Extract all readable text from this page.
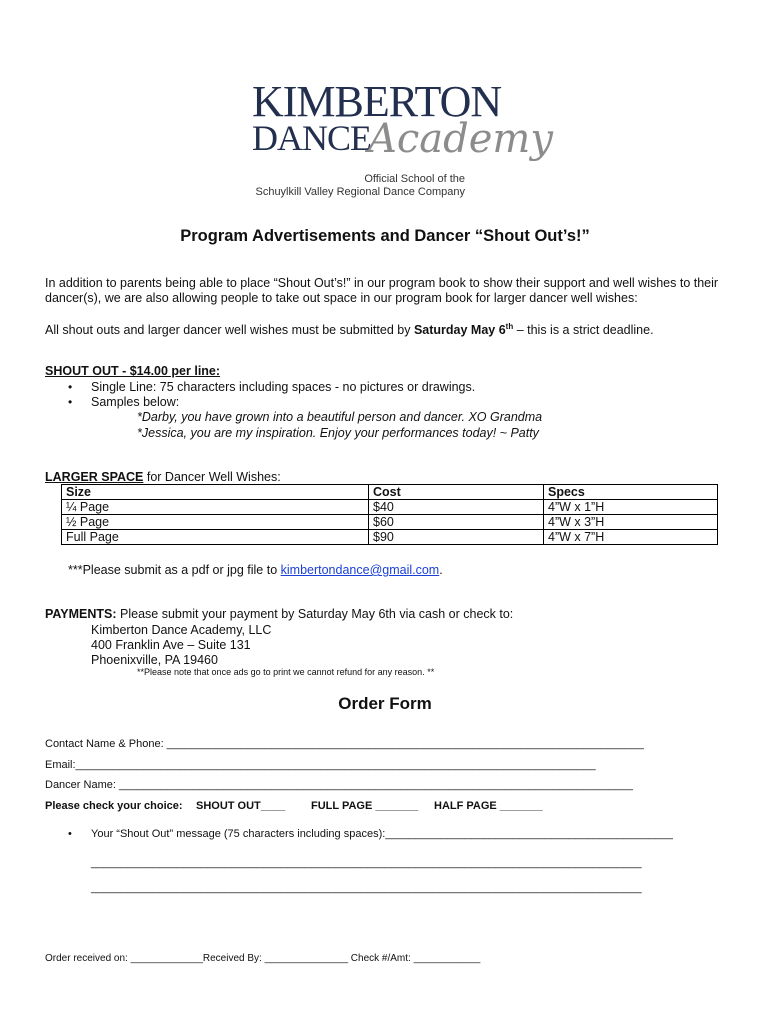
KIMBERTON
DANCE
Academy
Official School of the
Schuylkill Valley Regional Dance Company
Program Advertisements and Dancer “Shout Out’s!”
In addition to parents being able to place “Shout Out’s!” in our program book to show their support and well wishes to their
dancer(s), we are also allowing people to take out space in our program book for larger dancer well wishes:
All shout outs and larger dancer well wishes must be submitted by Saturday May 6th – this is a strict deadline.
SHOUT OUT - $14.00 per line:
• Single Line: 75 characters including spaces - no pictures or drawings.
• Samples below:
*Darby, you have grown into a beautiful person and dancer. XO Grandma
*Jessica, you are my inspiration. Enjoy your performances today! ~ Patty
LARGER SPACE for Dancer Well Wishes:
Size	Cost	Specs
¼ Page	$40	4”W x 1”H
½ Page	$60	4”W x 3”H
Full Page	$90	4”W x 7”H
***Please submit as a pdf or jpg file to kimbertondance@gmail.com.
PAYMENTS: Please submit your payment by Saturday May 6th via cash or check to:
Kimberton Dance Academy, LLC
400 Franklin Ave – Suite 131
Phoenixville, PA 19460
**Please note that once ads go to print we cannot refund for any reason. **
Order Form
Contact Name & Phone: ______________________________________________________________________________
Email:_____________________________________________________________________________________
Dancer Name: ____________________________________________________________________________________
Please check your choice: SHOUT OUT____ FULL PAGE _______ HALF PAGE _______
• Your “Shout Out” message (75 characters including spaces):_______________________________________________
__________________________________________________________________________________________
__________________________________________________________________________________________
Order received on: _____________Received By: _______________ Check #/Amt: ____________
